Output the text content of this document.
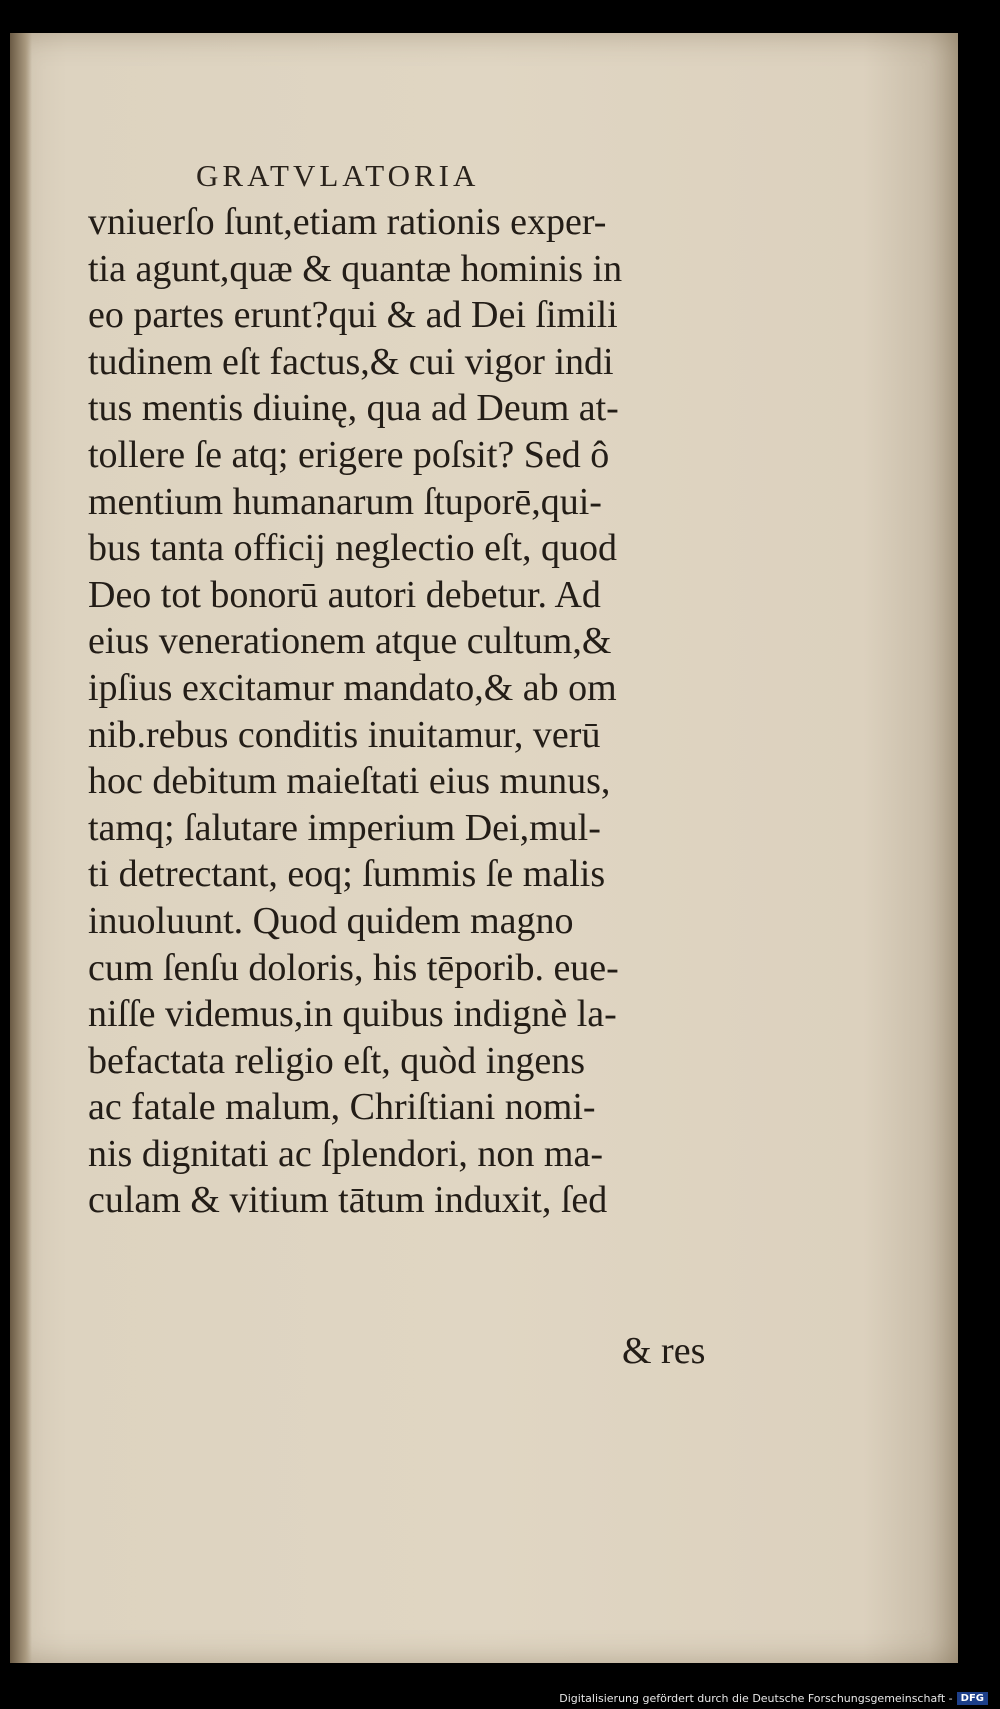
GRATVLATORIA
vniuerſo ſunt,etiam rationis exper-
tia agunt,quæ & quantæ hominis in
eo partes erunt?qui & ad Dei ſimili
tudinem eſt factus,& cui vigor indi
tus mentis diuinę, qua ad Deum at-
tollere ſe atq; erigere poſsit? Sed ô
mentium humanarum ſtuporē,qui-
bus tanta officij neglectio eſt, quod
Deo tot bonorū autori debetur. Ad
eius venerationem atque cultum,&
ipſius excitamur mandato,& ab om
nib.rebus conditis inuitamur, verū
hoc debitum maieſtati eius munus,
tamq; ſalutare imperium Dei,mul-
ti detrectant, eoq; ſummis ſe malis
inuoluunt. Quod quidem magno
cum ſenſu doloris, his tēporib. eue-
niſſe videmus,in quibus indignè la-
befactata religio eſt, quòd ingens
ac fatale malum, Chriſtiani nomi-
nis dignitati ac ſplendori, non ma-
culam & vitium tātum induxit, ſed
& res
Digitalisierung gefördert durch die Deutsche Forschungsgemeinschaft - DFG
